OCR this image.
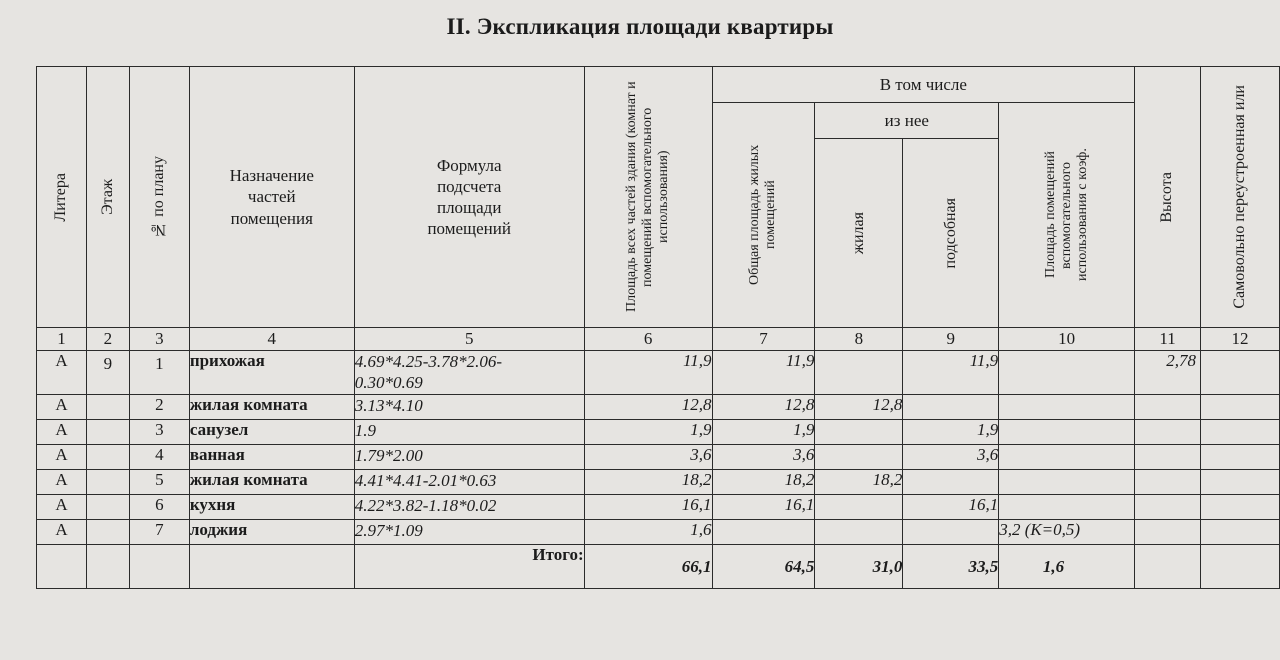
II. Экспликация площади квартиры
Литера	Этаж	№ по плану	Назначение частей помещения	Формула подсчета площади помещений	Площадь всех частей здания (комнат и помещений вспомогательного использования)	В том числе				Высота	Самовольно переустроенная или

						Общая площадь жилых помещений	из нее		Площадь помещений вспомогательного использования с коэф.		

							жилая	подсобная			

1	2	3	4	5	6	7	8	9	10	11	12
А	9	1	прихожая	4.69*4.25-3.78*2.06-0.30*0.69	11,9	11,9		11,9		2,78	
А		2	жилая комната	3.13*4.10	12,8	12,8	12,8				
А		3	санузел	1.9	1,9	1,9		1,9			
А		4	ванная	1.79*2.00	3,6	3,6		3,6			
А		5	жилая комната	4.41*4.41-2.01*0.63	18,2	18,2	18,2				
А		6	кухня	4.22*3.82-1.18*0.02	16,1	16,1		16,1			
А		7	лоджия	2.97*1.09	1,6				3,2 (К=0,5)		
				Итого:	66,1	64,5	31,0	33,5	1,6		
